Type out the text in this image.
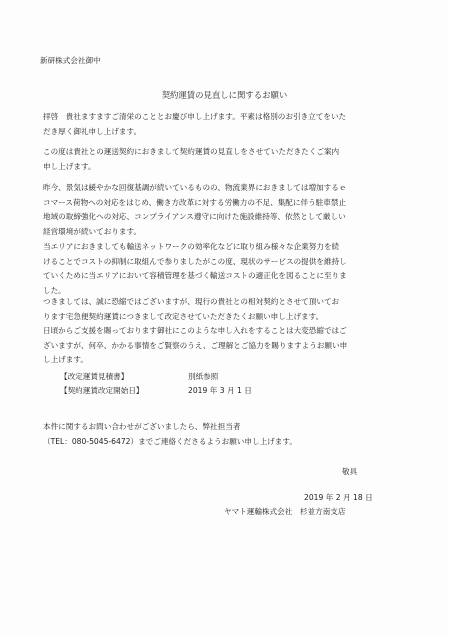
新研株式会社御中
契約運賃の見直しに関するお願い
拝啓　貴社ますますご清栄のこととお慶び申し上げます。平素は格別のお引き立てをいた
だき厚く御礼申し上げます。
この度は貴社との運送契約におきまして契約運賃の見直しをさせていただきたくご案内
申し上げます。
昨今、景気は緩やかな回復基調が続いているものの、物流業界におきましては増加するｅ
コマース荷物への対応をはじめ、働き方改革に対する労働力の不足、集配に伴う駐車禁止
地域の取締強化への対応、コンプライアンス遵守に向けた施設維持等、依然として厳しい
経営環境が続いております。
当エリアにおきましても輸送ネットワークの効率化などに取り組み様々な企業努力を続
けることでコストの抑制に取組んで参りましたがこの度、現状のサービスの提供を維持し
ていくために当エリアにおいて容積管理を基づく輸送コストの適正化を図ることに至りま
した。
つきましては、誠に恐縮ではございますが、現行の貴社との相対契約とさせて頂いてお
ります宅急便契約運賃につきまして改定させていただきたくお願い申し上げます。
日頃からご支援を賜っております御社にこのような申し入れをすることは大変恐縮ではご
ざいますが、何卒、かかる事情をご賢察のうえ、ご理解とご協力を賜りますようお願い申
し上げます。
【改定運賃見積書】	別紙参照
【契約運賃改定開始日】	2019 年 3 月 1 日
本件に関するお問い合わせがございましたら、弊社担当者
（TEL：080-5045-6472）までご連絡くださるようお願い申し上げます。
敬具
2019 年 2 月 18 日
ヤマト運輸株式会社　杉並方南支店
